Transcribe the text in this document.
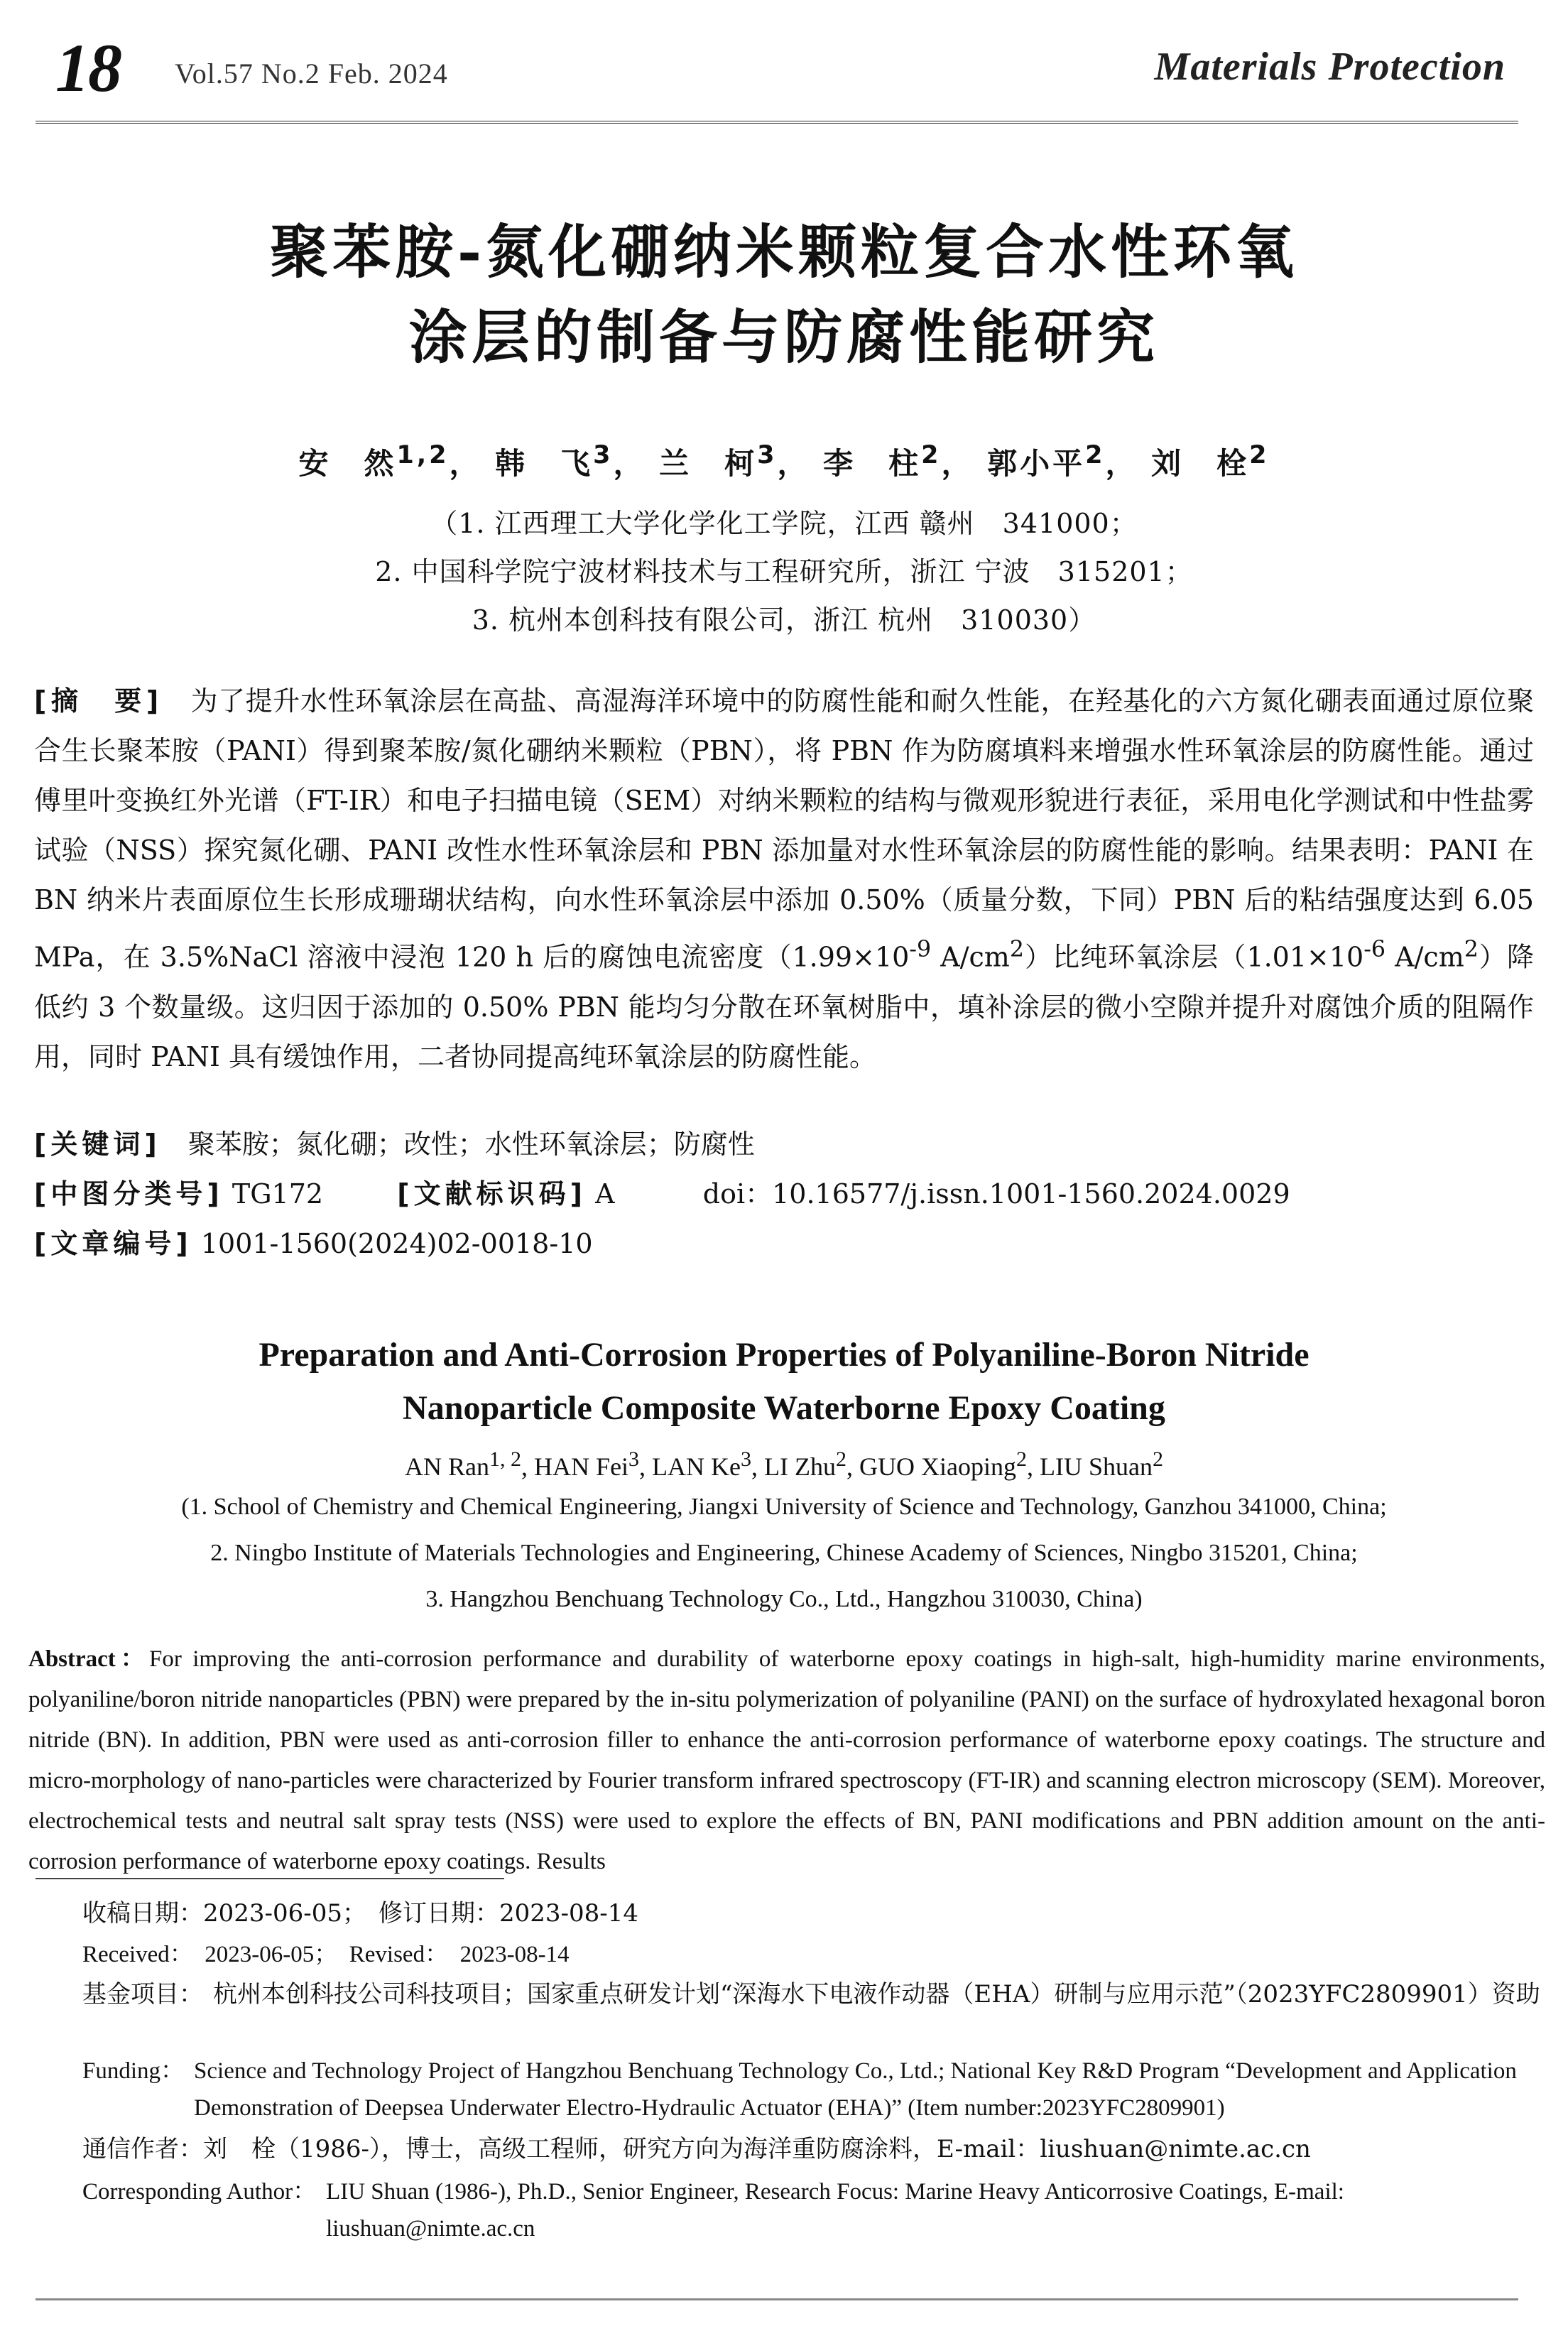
18 Vol.57 No.2 Feb. 2024	Materials Protection
聚苯胺-氮化硼纳米颗粒复合水性环氧
涂层的制备与防腐性能研究
安　然$^{1,2}$， 韩　飞$^3$， 兰　柯$^3$， 李　柱$^2$， 郭小平$^2$， 刘　栓$^2$
（1. 江西理工大学化学化工学院，江西 赣州　341000；
2. 中国科学院宁波材料技术与工程研究所，浙江 宁波　315201；
3. 杭州本创科技有限公司，浙江 杭州　310030）

[摘　要]　 为了提升水性环氧涂层在高盐、高湿海洋环境中的防腐性能和耐久性能，在羟基化的六方氮化硼表面通过原位聚合生长聚苯胺（PANI）得到聚苯胺/氮化硼纳米颗粒（PBN），将 PBN 作为防腐填料来增强水性环氧涂层的防腐性能。通过傅里叶变换红外光谱（FT-IR）和电子扫描电镜（SEM）对纳米颗粒的结构与微观形貌进行表征，采用电化学测试和中性盐雾试验（NSS）探究氮化硼、PANI 改性水性环氧涂层和 PBN 添加量对水性环氧涂层的防腐性能的影响。结果表明：PANI 在 BN 纳米片表面原位生长形成珊瑚状结构，向水性环氧涂层中添加 0.50%（质量分数，下同）PBN 后的粘结强度达到 6.05 MPa，在 3.5%NaCl 溶液中浸泡 120 h 后的腐蚀电流密度（$1.99\times 10^{-9}$ $A/cm^2$）比纯环氧涂层（$1.01\times 10^{-6}$ $A/cm^2$）降低约 3 个数量级。这归因于添加的 0.50% PBN 能均匀分散在环氧树脂中，填补涂层的微小空隙并提升对腐蚀介质的阻隔作用，同时 PANI 具有缓蚀作用，二者协同提高纯环氧涂层的防腐性能。

[关键词]　 聚苯胺；氮化硼；改性；水性环氧涂层；防腐性
[中图分类号] TG172	[文献标识码] A	doi：10.16577/j.issn.1001-1560.2024.0029
[文章编号] 1001-1560(2024)02-0018-10
Preparation and Anti-Corrosion Properties of Polyaniline-Boron Nitride
Nanoparticle Composite Waterborne Epoxy Coating
AN Ran$^{1, 2}$, HAN Fei$^3$, LAN Ke$^3$, LI Zhu$^2$, GUO Xiaoping$^2$, LIU Shuan$^2$
(1. School of Chemistry and Chemical Engineering, Jiangxi University of Science and Technology, Ganzhou 341000, China;
2. Ningbo Institute of Materials Technologies and Engineering, Chinese Academy of Sciences, Ningbo 315201, China;
3. Hangzhou Benchuang Technology Co., Ltd., Hangzhou 310030, China)

Abstract：For improving the anti-corrosion performance and durability of waterborne epoxy coatings in high-salt, high-humidity marine environments, polyaniline/boron nitride nanoparticles (PBN) were prepared by the in-situ polymerization of polyaniline (PANI) on the surface of hydroxylated hexagonal boron nitride (BN). In addition, PBN were used as anti-corrosion filler to enhance the anti-corrosion performance of waterborne epoxy coatings. The structure and micro-morphology of nano-particles were characterized by Fourier transform infrared spectroscopy (FT-IR) and scanning electron microscopy (SEM). Moreover, electrochemical tests and neutral salt spray tests (NSS) were used to explore the effects of BN, PANI modifications and PBN addition amount on the anti-corrosion performance of waterborne epoxy coatings. Results

收稿日期：2023-06-05；　修订日期：2023-08-14
Received：　 2023-06-05；　Revised：　2023-08-14
基金项目： 杭州本创科技公司科技项目；国家重点研发计划“深海水下电液作动器（EHA）研制与应用示范”（2023YFC2809901）资助
Funding： Science and Technology Project of Hangzhou Benchuang Technology Co., Ltd.; National Key R&D Program “Development and Application Demonstration of Deepsea Underwater Electro-Hydraulic Actuator (EHA)” (Item number:2023YFC2809901)
通信作者：刘　栓（1986-），博士，高级工程师，研究方向为海洋重防腐涂料，E-mail：liushuan@nimte.ac.cn
Corresponding Author： LIU Shuan (1986-), Ph.D., Senior Engineer, Research Focus: Marine Heavy Anticorrosive Coatings, E-mail: liushuan@nimte.ac.cn
